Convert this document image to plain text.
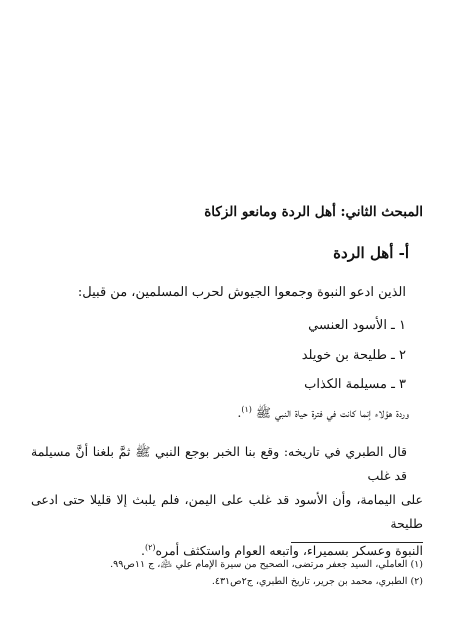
المبحث الثاني: أهل الردة ومانعو الزكاة
أ- أهل الردة
الذين ادعو النبوة وجمعوا الجيوش لحرب المسلمين، من قبيل:
١ ـ الأسود العنسي
٢ ـ طليحة بن خويلد
٣ ـ مسيلمة الكذاب
وردة هؤلاء إنما كانت في فترة حياة النبي ﷺ $^{(١)}$.
قال الطبري في تاريخه: وقع بنا الخبر بوجع النبي ﷺ ثمَّ بلغنا أنَّ مسيلمة قد غلب
على اليمامة، وأن الأسود قد غلب على اليمن، فلم يلبث إلا قليلا حتى ادعى طليحة
النبوة وعسكر بسميراء، واتبعه العوام واستكثف أمره$^{(٢)}$.
(١) العاملي، السيد جعفر مرتضى، الصحيح من سيرة الإمام علي ﵇، ج ١١ص٩٩.
(٢) الطبري، محمد بن جرير، تاريخ الطبري، ج٢ص٤٣١.
